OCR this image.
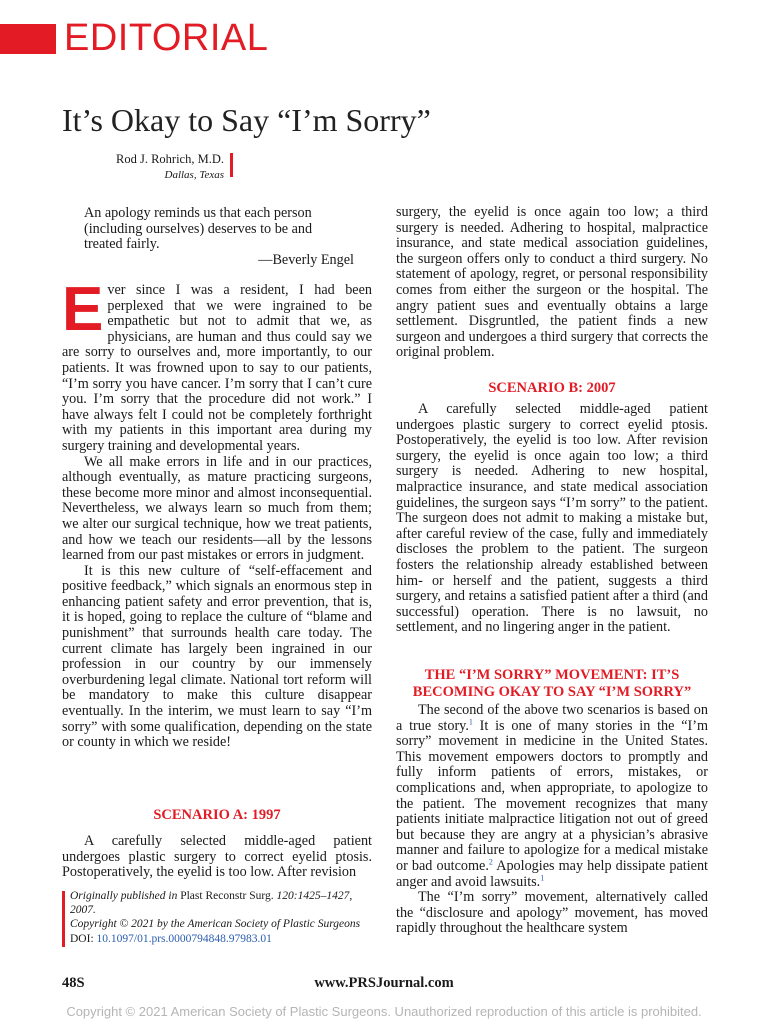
EDITORIAL
It’s Okay to Say “I’m Sorry”
Rod J. Rohrich, M.D.
Dallas, Texas
An apology reminds us that each person (including ourselves) deserves to be and treated fairly.
—Beverly Engel

Ever since I was a resident, I had been perplexed that we were ingrained to be empathetic but not to admit that we, as physicians, are human and thus could say we are sorry to ourselves and, more importantly, to our patients. It was frowned upon to say to our patients, “I’m sorry you have cancer. I’m sorry that I can’t cure you. I’m sorry that the procedure did not work.” I have always felt I could not be completely forthright with my patients in this important area during my surgery training and developmental years.

We all make errors in life and in our practices, although eventually, as mature practicing surgeons, these become more minor and almost inconsequential. Nevertheless, we always learn so much from them; we alter our surgical technique, how we treat patients, and how we teach our residents—all by the lessons learned from our past mistakes or errors in judgment.

It is this new culture of “self-effacement and positive feedback,” which signals an enormous step in enhancing patient safety and error prevention, that is, it is hoped, going to replace the culture of “blame and punishment” that surrounds health care today. The current climate has largely been ingrained in our profession in our country by our immensely overburdening legal climate. National tort reform will be mandatory to make this culture disappear eventually. In the interim, we must learn to say “I’m sorry” with some qualification, depending on the state or county in which we reside!

SCENARIO A: 1997

A carefully selected middle-aged patient undergoes plastic surgery to correct eyelid ptosis. Postoperatively, the eyelid is too low. After revision

Originally published in Plast Reconstr Surg. 120:1425–1427, 2007.
Copyright © 2021 by the American Society of Plastic Surgeons
DOI: 10.1097/01.prs.0000794848.97983.01

surgery, the eyelid is once again too low; a third surgery is needed. Adhering to hospital, malpractice insurance, and state medical association guidelines, the surgeon offers only to conduct a third surgery. No statement of apology, regret, or personal responsibility comes from either the surgeon or the hospital. The angry patient sues and eventually obtains a large settlement. Disgruntled, the patient finds a new surgeon and undergoes a third surgery that corrects the original problem.

SCENARIO B: 2007

A carefully selected middle-aged patient undergoes plastic surgery to correct eyelid ptosis. Postoperatively, the eyelid is too low. After revision surgery, the eyelid is once again too low; a third surgery is needed. Adhering to new hospital, malpractice insurance, and state medical association guidelines, the surgeon says “I’m sorry” to the patient. The surgeon does not admit to making a mistake but, after careful review of the case, fully and immediately discloses the problem to the patient. The surgeon fosters the relationship already established between him- or herself and the patient, suggests a third surgery, and retains a satisfied patient after a third (and successful) operation. There is no lawsuit, no settlement, and no lingering anger in the patient.

THE “I’M SORRY” MOVEMENT: IT’S BECOMING OKAY TO SAY “I’M SORRY”

The second of the above two scenarios is based on a true story.$^1$ It is one of many stories in the “I’m sorry” movement in medicine in the United States. This movement empowers doctors to promptly and fully inform patients of errors, mistakes, or complications and, when appropriate, to apologize to the patient. The movement recognizes that many patients initiate malpractice litigation not out of greed but because they are angry at a physician’s abrasive manner and failure to apologize for a medical mistake or bad outcome.$^2$ Apologies may help dissipate patient anger and avoid lawsuits.$^1$

The “I’m sorry” movement, alternatively called the “disclosure and apology” movement, has moved rapidly throughout the healthcare system

48S	www.PRSJournal.com
Copyright © 2021 American Society of Plastic Surgeons. Unauthorized reproduction of this article is prohibited.
